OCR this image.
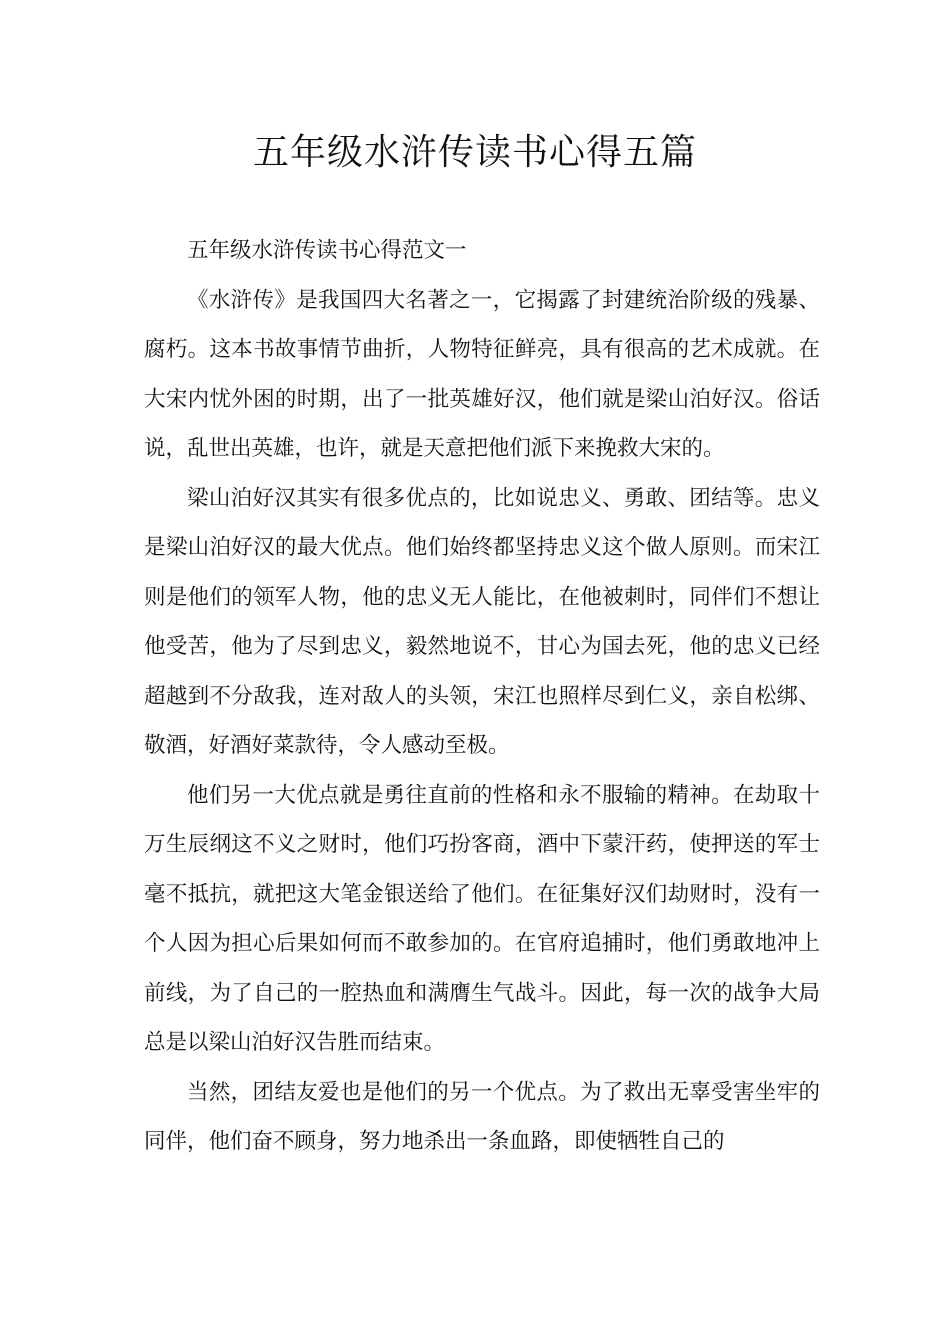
五年级水浒传读书心得五篇

五年级水浒传读书心得范文一

《水浒传》是我国四大名著之一，它揭露了封建统治阶级的残暴、腐朽。这本书故事情节曲折，人物特征鲜亮，具有很高的艺术成就。在大宋内忧外困的时期，出了一批英雄好汉，他们就是梁山泊好汉。俗话说，乱世出英雄，也许，就是天意把他们派下来挽救大宋的。

梁山泊好汉其实有很多优点的，比如说忠义、勇敢、团结等。忠义是梁山泊好汉的最大优点。他们始终都坚持忠义这个做人原则。而宋江则是他们的领军人物，他的忠义无人能比，在他被刺时，同伴们不想让他受苦，他为了尽到忠义，毅然地说不，甘心为国去死，他的忠义已经超越到不分敌我，连对敌人的头领，宋江也照样尽到仁义，亲自松绑、敬酒，好酒好菜款待，令人感动至极。

他们另一大优点就是勇往直前的性格和永不服输的精神。在劫取十万生辰纲这不义之财时，他们巧扮客商，酒中下蒙汗药，使押送的军士毫不抵抗，就把这大笔金银送给了他们。在征集好汉们劫财时，没有一个人因为担心后果如何而不敢参加的。在官府追捕时，他们勇敢地冲上前线，为了自己的一腔热血和满膺生气战斗。因此，每一次的战争大局总是以梁山泊好汉告胜而结束。

当然，团结友爱也是他们的另一个优点。为了救出无辜受害坐牢的同伴，他们奋不顾身，努力地杀出一条血路，即使牺牲自己的
